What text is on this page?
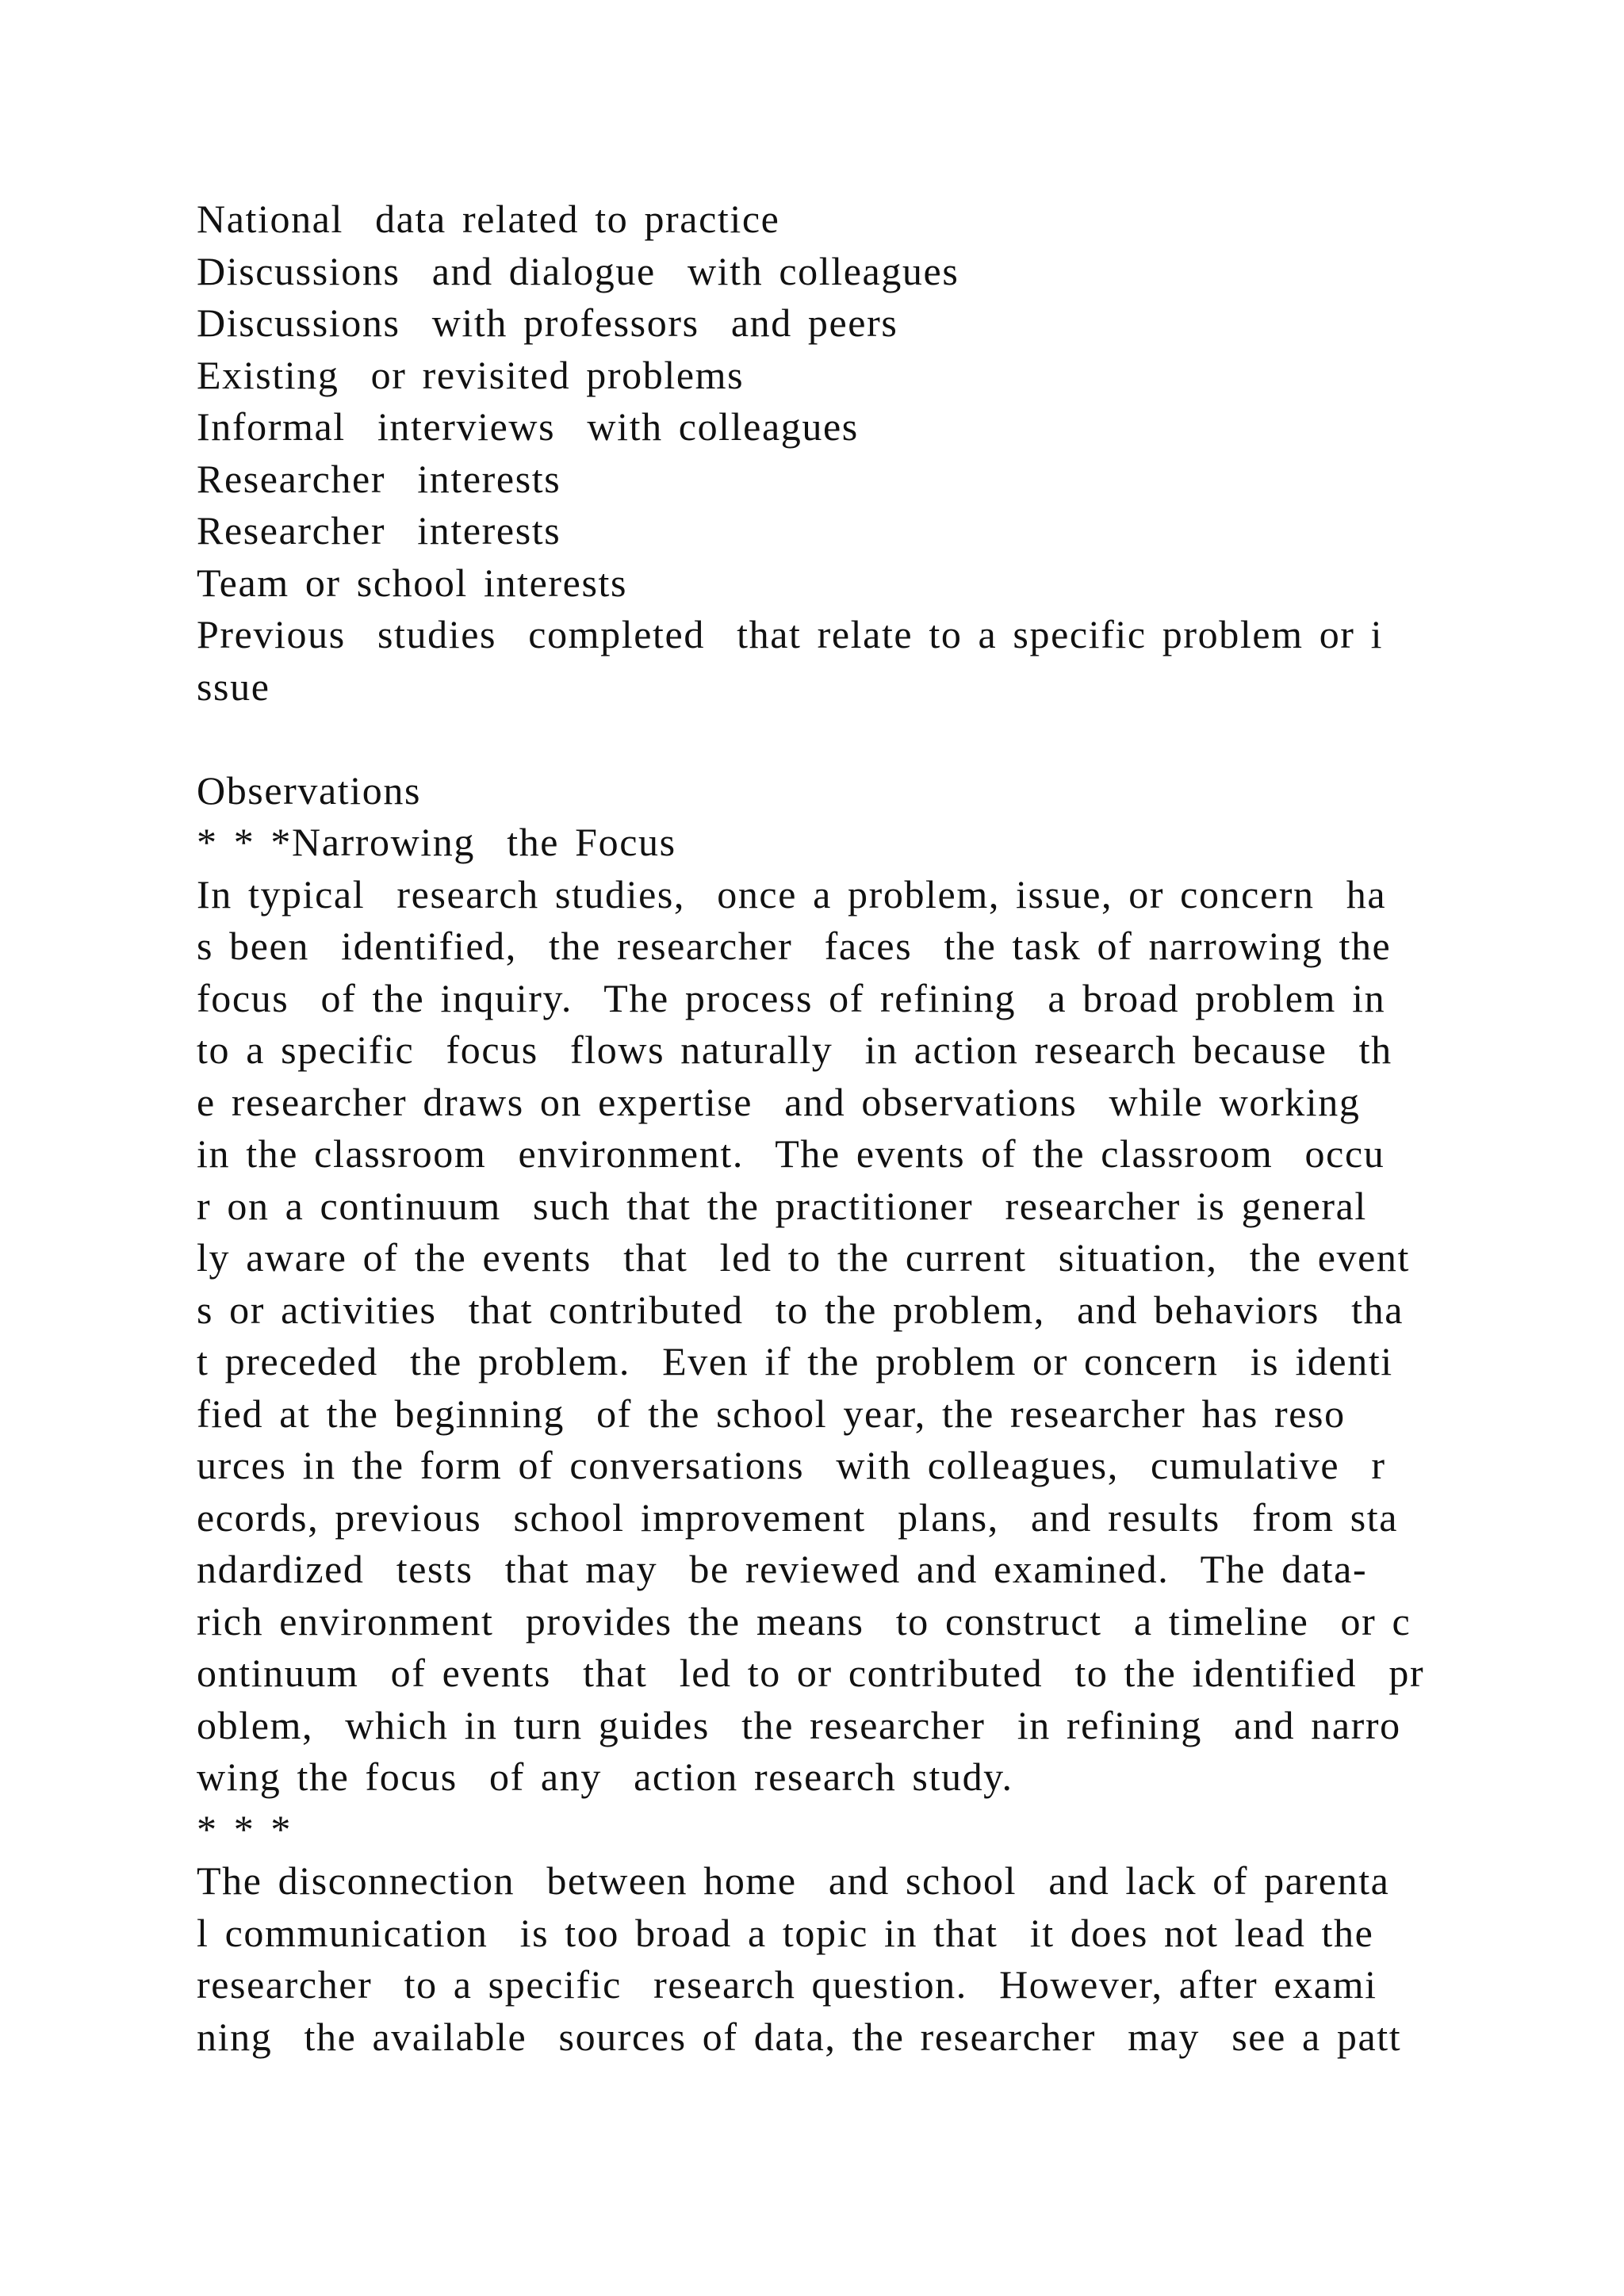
National  data related to practice
Discussions  and dialogue  with colleagues
Discussions  with professors  and peers
Existing  or revisited problems
Informal  interviews  with colleagues
Researcher  interests
Researcher  interests
Team or school interests
Previous  studies  completed  that relate to a specific problem or i
ssue
Observations
* * *Narrowing  the Focus
In typical  research studies,  once a problem, issue, or concern  ha
s been  identified,  the researcher  faces  the task of narrowing the
focus  of the inquiry.  The process of refining  a broad problem in
to a specific  focus  flows naturally  in action research because  th
e researcher draws on expertise  and observations  while working
in the classroom  environment.  The events of the classroom  occu
r on a continuum  such that the practitioner  researcher is general
ly aware of the events  that  led to the current  situation,  the event
s or activities  that contributed  to the problem,  and behaviors  tha
t preceded  the problem.  Even if the problem or concern  is identi
fied at the beginning  of the school year, the researcher has reso
urces in the form of conversations  with colleagues,  cumulative  r
ecords, previous  school improvement  plans,  and results  from sta
ndardized  tests  that may  be reviewed and examined.  The data-
rich environment  provides the means  to construct  a timeline  or c
ontinuum  of events  that  led to or contributed  to the identified  pr
oblem,  which in turn guides  the researcher  in refining  and narro
wing the focus  of any  action research study.
* * *
The disconnection  between home  and school  and lack of parenta
l communication  is too broad a topic in that  it does not lead the
researcher  to a specific  research question.  However, after exami
ning  the available  sources of data, the researcher  may  see a patt
